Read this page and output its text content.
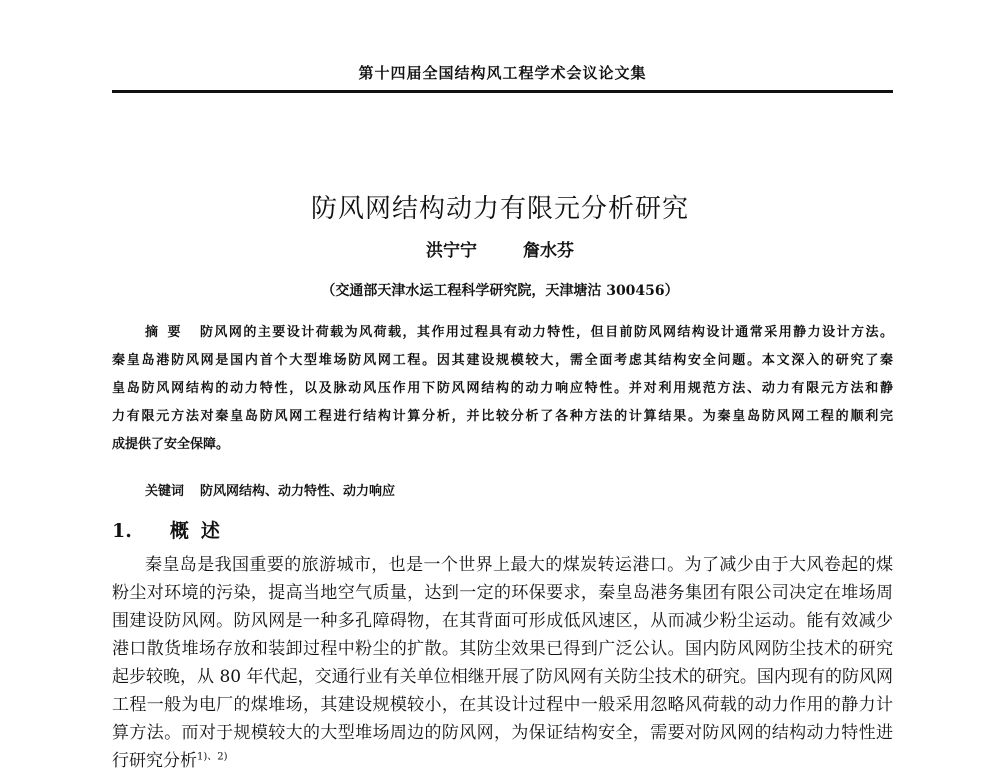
第十四届全国结构风工程学术会议论文集
防风网结构动力有限元分析研究
洪宁宁	詹水芬
（交通部天津水运工程科学研究院，天津塘沽 300456）
摘要 防风网的主要设计荷载为风荷载，其作用过程具有动力特性，但目前防风网结构设计通常采用静力设计方法。
秦皇岛港防风网是国内首个大型堆场防风网工程。因其建设规模较大，需全面考虑其结构安全问题。本文深入的研究了秦
皇岛防风网结构的动力特性，以及脉动风压作用下防风网结构的动力响应特性。并对利用规范方法、动力有限元方法和静
力有限元方法对秦皇岛防风网工程进行结构计算分析，并比较分析了各种方法的计算结果。为秦皇岛防风网工程的顺利完
成提供了安全保障。
关键词 防风网结构、动力特性、动力响应
1. 概述
秦皇岛是我国重要的旅游城市，也是一个世界上最大的煤炭转运港口。为了减少由于大风卷起的煤
粉尘对环境的污染，提高当地空气质量，达到一定的环保要求，秦皇岛港务集团有限公司决定在堆场周
围建设防风网。防风网是一种多孔障碍物，在其背面可形成低风速区，从而减少粉尘运动。能有效减少
港口散货堆场存放和装卸过程中粉尘的扩散。其防尘效果已得到广泛公认。国内防风网防尘技术的研究
起步较晚，从 80 年代起，交通行业有关单位相继开展了防风网有关防尘技术的研究。国内现有的防风网
工程一般为电厂的煤堆场，其建设规模较小，在其设计过程中一般采用忽略风荷载的动力作用的静力计
算方法。而对于规模较大的大型堆场周边的防风网，为保证结构安全，需要对防风网的结构动力特性进
行研究分析$^{1)、2)}$
